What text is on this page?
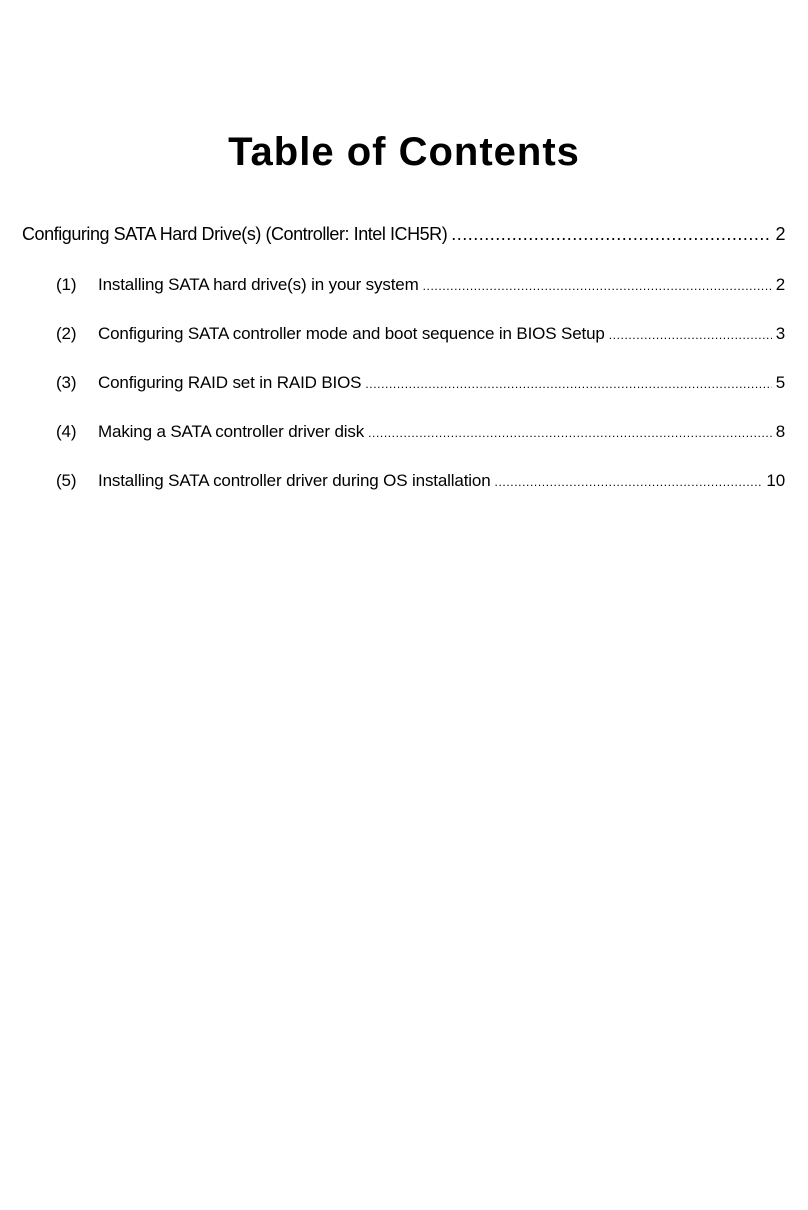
Table of Contents
Configuring SATA Hard Drive(s) (Controller: Intel ICH5R) .....	2
(1)	Installing SATA hard drive(s) in your system .....	2
(2)	Configuring SATA controller mode and boot sequence in BIOS Setup .....	3
(3)	Configuring RAID set in RAID BIOS .....	5
(4)	Making a SATA controller driver disk .....	8
(5)	Installing SATA controller driver during OS installation .....	10
